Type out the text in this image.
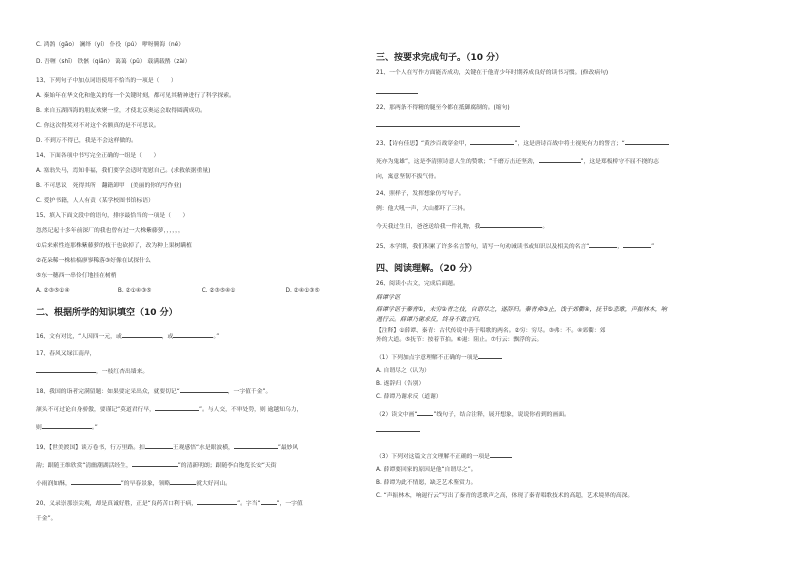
C. 鸿鹄（gāo） 澜绎（yí） 仆役（pú） 咿呀腾海（né）
D. 吾喱（shī） 铁骸（qiān） 蔼蔼（pū） 载满载鹊（zài）
13、下列句子中加点词语使用不恰当的一项是（　　）
A. 秦始年在华文化和他关的每一个关键时刻，都可见其精神进行了科学探索。
B. 来自五湖四海的朋友欢聚一堂，才使北京奥运会取得圆满成功。
C. 你这次得奖对不对这个名额真的是不可思议。
D. 不到万不得已，我是不会这样做的。
14、下面各项中书写完全正确的一组是（　　）
A. 塞翁失马，焉知非福，我们要学会适时宽慰自己。(求救依据重量)
B. 不可思议　死得其所　翻籍卸甲　(美丽的你的写作业)
C. 爱护书籍，人人有责（某学校图书馆标语）
15、填入下面文段中的语句，排序最恰当的一项是（　　）
忽然记起十多年前深厂的我也曾有过一大株紫藤萝，，，，，，
①后来索性连那株紫藤萝的枝干也砍掉了，改为种上果树瞒植
②花朵稀一株枯槁廖寥稀落③好像在试探什么
⑤东一穗西一串伶仃地挂在树梢
A. ②③⑤①④	B. ②①④③⑤	C. ②③⑤④①	D. ②④①③⑤
二、根据所学的知识填空（10 分）
16、文有对比，“人因四一元，或	，或	。”
17、春风又绿江南岸，
，一枝红杏出墙来。
18、我国的诣者完满留题：如果要定采出众，就要切记“	，一字值千金”。
颔头不可过论自身骄傲，要谨记“莫道君行早，	”。与人交，不审处势，则 逾越知乌力，
则	。”
19、【世美渡国】谈万卷书，行万里路。扣	王观感悟“水是眼波横，	”最妙风
韵；跟随王维欣赏“清幽潮湖活经生，	”的清新明朗；跟随李白饱览长安“天街
小雨润如酥，	”的早春景象，领略	就大好河山。
20、义录崇那崇尖观，却是真诚好胜，正是“良药苦口利于病，	”。字当“	”，一字值
千金”。
三、按要求完成句子。（10 分）
21、一个人在写作方面能否成功，关键在于他青少年时期养成良好的读书习惯。(修改病句)
22、那两条不得精的腿至今都在抵御腐制的。(缩句)
23、【诗有佳思】“黄沙百战穿金甲，	”，这是唐诗百战中将士视死有力的誓言；“
死亦为鬼雄”，这是李清照诗意人生的赞歌；“千磨万击还坚劲，	”，这是郑板桥守不屈不挠的志
向，寓意坚韧不拔气骨。
24、照样子，发挥想象仿写句子。
例：他大吼一声，大山都吓了三抖。
今天我过生日，爸爸送给我一件礼物，我	。
25、本学期，我们积累了许多名言警句，请写一句劝诫读书或知识以及相关的名言“	，	”
四、阅读理解。（20 分）
26、阅读小古文，完成后面题。
薛谭学讴
薛谭学讴于秦青①，未穷②青之技，自谓尽之，遂辞归。秦青弗③止，饯于郊衢④，抚节⑤悲歌，声振林木，响
遏行云。薛谭乃谢求反，终身不敢言归。
【注释】①薛谭、秦青：古代传说中善于唱歌的两名。②穷：穷尽。③弗：不。④郊衢：郊
外的大道。⑤抚节：按着节拍。⑥遏：阻止。⑦行云：飘浮的云。
（1）下列加点字意理解不正确的一项是
A. 自谓尽之（认为）
B. 遂辞归（告别）
C. 薛谭乃谢求反（道谢）
（2）读文中画“	”线句子，结合注释，展开想象，说说你看到的画面。
（3）下列对这篇文言文理解不正确的一项是
A. 薛谭要回家的原因是他“自谓尽之”。
B. 薛谭为此不情愿，缺乏艺术鉴赏力。
C. “声振林木，响遏行云”写出了秦青的悲歌声之高，体现了秦青唱歌技术的高超，艺术境界的高深。
